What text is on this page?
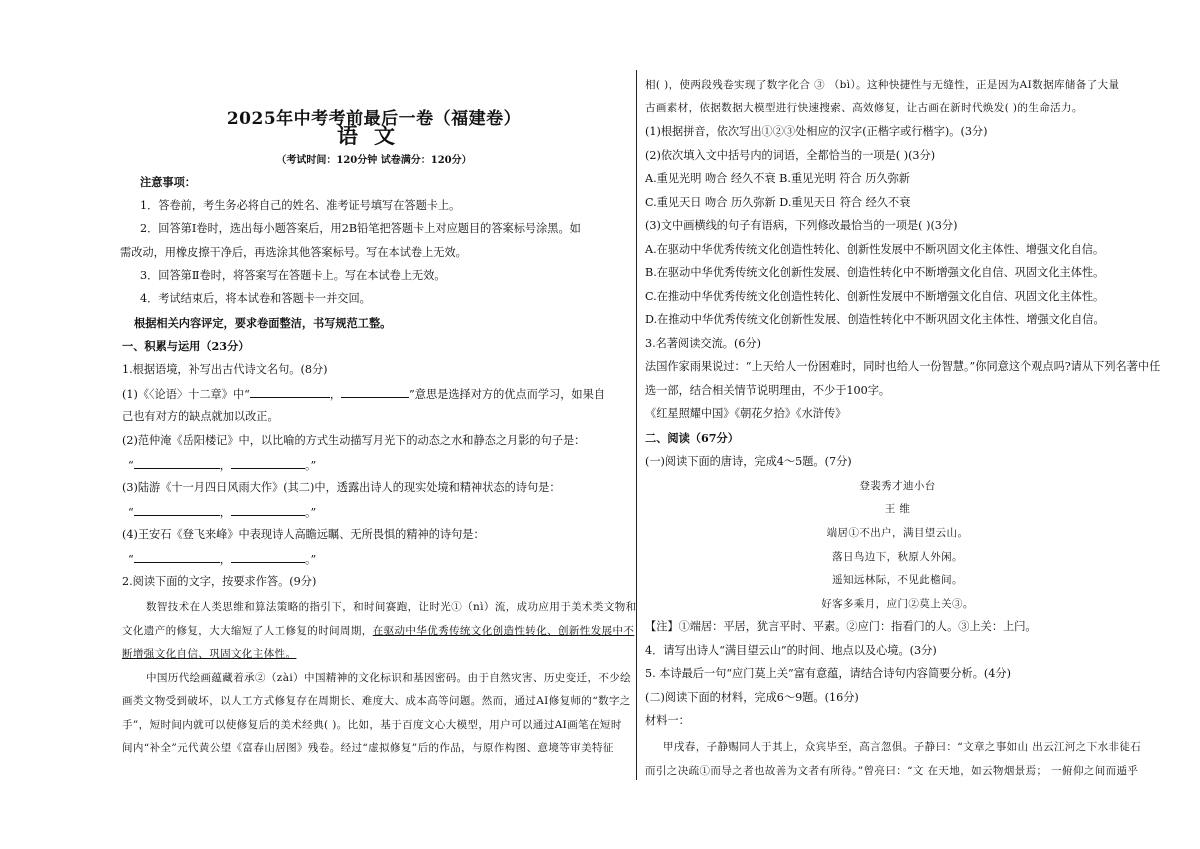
2025年中考考前最后一卷（福建卷）
语文
（考试时间：120分钟 试卷满分：120分）
注意事项：
1．答卷前，考生务必将自己的姓名、准考证号填写在答题卡上。
2．回答第Ⅰ卷时，选出每小题答案后，用2B铅笔把答题卡上对应题目的答案标号涂黑。如
需改动，用橡皮擦干净后，再选涂其他答案标号。写在本试卷上无效。
3．回答第Ⅱ卷时，将答案写在答题卡上。写在本试卷上无效。
4．考试结束后，将本试卷和答题卡一并交回。
根据相关内容评定，要求卷面整洁，书写规范工整。
一、积累与运用（23分）
1.根据语境，补写出古代诗文名句。(8分)
(1)《〈论语〉十二章》中“	，	”意思是选择对方的优点而学习，如果自
己也有对方的缺点就加以改正。
(2)范仲淹《岳阳楼记》中，以比喻的方式生动描写月光下的动态之水和静态之月影的句子是：
“	，	。”
(3)陆游《十一月四日风雨大作》(其二)中，透露出诗人的现实处境和精神状态的诗句是：
“	，	。”
(4)王安石《登飞来峰》中表现诗人高瞻远瞩、无所畏惧的精神的诗句是：
“	，	。”
2.阅读下面的文字，按要求作答。(9分)
数智技术在人类思维和算法策略的指引下，和时间赛跑，让时光①（nì）流，成功应用于美术类文物和
文化遗产的修复，大大缩短了人工修复的时间周期，在驱动中华优秀传统文化创造性转化、创新性发展中不
断增强文化自信、巩固文化主体性。
中国历代绘画蕴藏着承②（zài）中国精神的文化标识和基因密码。由于自然灾害、历史变迁，不少绘
画类文物受到破坏，以人工方式修复存在周期长、难度大、成本高等问题。然而，通过AI修复师的“数字之
手”，短时间内就可以使修复后的美术经典( )。比如，基于百度文心大模型，用户可以通过AI画笔在短时
间内“补全”元代黄公望《富春山居图》残卷。经过“虚拟修复”后的作品，与原作构图、意境等审美特征
相( )，使两段残卷实现了数字化合 ③ （bì）。这种快捷性与无缝性，正是因为AI数据库储备了大量
古画素材，依据数据大模型进行快速搜索、高效修复，让古画在新时代焕发( )的生命活力。
(1)根据拼音，依次写出①②③处相应的汉字(正楷字或行楷字)。(3分)
(2)依次填入文中括号内的词语，全都恰当的一项是( )(3分)
A.重见光明 吻合 经久不衰 B.重见光明 符合 历久弥新
C.重见天日 吻合 历久弥新 D.重见天日 符合 经久不衰
(3)文中画横线的句子有语病，下列修改最恰当的一项是( )(3分)
A.在驱动中华优秀传统文化创造性转化、创新性发展中不断巩固文化主体性、增强文化自信。
B.在驱动中华优秀传统文化创新性发展、创造性转化中不断增强文化自信、巩固文化主体性。
C.在推动中华优秀传统文化创造性转化、创新性发展中不断增强文化自信、巩固文化主体性。
D.在推动中华优秀传统文化创新性发展、创造性转化中不断巩固文化主体性、增强文化自信。
3.名著阅读交流。(6分)
法国作家雨果说过：“上天给人一份困难时，同时也给人一份智慧。”你同意这个观点吗?请从下列名著中任
选一部，结合相关情节说明理由，不少于100字。
《红星照耀中国》《朝花夕拾》《水浒传》
二、阅读（67分）
(一)阅读下面的唐诗，完成4～5题。(7分)
登裴秀才迪小台
王 维
端居①不出户，满目望云山。
落日鸟边下，秋原人外闲。
遥知远林际，不见此檐间。
好客多乘月，应门②莫上关③。
【注】①端居：平居，犹言平时、平素。②应门：指看门的人。③上关：上闩。
4．请写出诗人“满目望云山”的时间、地点以及心境。(3分)
5. 本诗最后一句“应门莫上关”富有意蕴，请结合诗句内容简要分析。(4分)
(二)阅读下面的材料，完成6～9题。(16分)
材料一：
甲戌春，子静赐同人于其上，众宾毕至，高言忽俱。子静曰：“文章之事如山 出云江河之下水非徒石
而引之决疏①而导之者也故善为文者有所待。”曾亮曰：“文 在天地，如云物烟景焉； 一俯仰之间而遁乎
